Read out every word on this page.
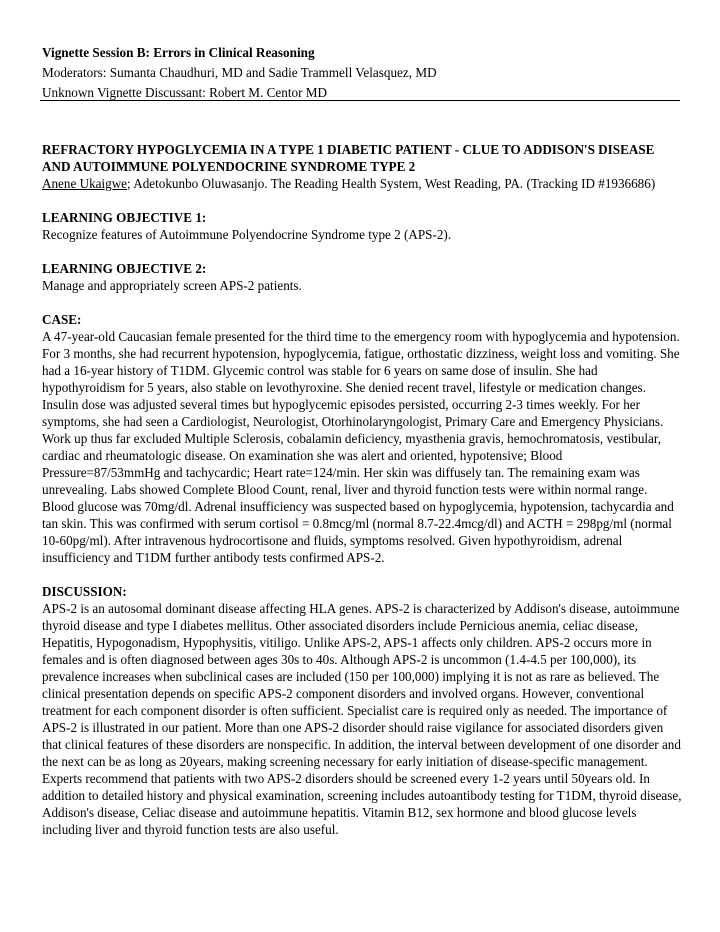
Vignette Session B: Errors in Clinical Reasoning
Moderators: Sumanta Chaudhuri, MD and Sadie Trammell Velasquez, MD
Unknown Vignette Discussant: Robert M. Centor MD

REFRACTORY HYPOGLYCEMIA IN A TYPE 1 DIABETIC PATIENT - CLUE TO ADDISON'S DISEASE AND AUTOIMMUNE POLYENDOCRINE SYNDROME TYPE 2

Anene Ukaigwe; Adetokunbo Oluwasanjo. The Reading Health System, West Reading, PA. (Tracking ID #1936686)

LEARNING OBJECTIVE 1:

Recognize features of Autoimmune Polyendocrine Syndrome type 2 (APS-2).

LEARNING OBJECTIVE 2:

Manage and appropriately screen APS-2 patients.

CASE:

A 47-year-old Caucasian female presented for the third time to the emergency room with hypoglycemia and hypotension. For 3 months, she had recurrent hypotension, hypoglycemia, fatigue, orthostatic dizziness, weight loss and vomiting. She had a 16-year history of T1DM. Glycemic control was stable for 6 years on same dose of insulin. She had hypothyroidism for 5 years, also stable on levothyroxine. She denied recent travel, lifestyle or medication changes. Insulin dose was adjusted several times but hypoglycemic episodes persisted, occurring 2-3 times weekly. For her symptoms, she had seen a Cardiologist, Neurologist, Otorhinolaryngologist, Primary Care and Emergency Physicians. Work up thus far excluded Multiple Sclerosis, cobalamin deficiency, myasthenia gravis, hemochromatosis, vestibular, cardiac and rheumatologic disease. On examination she was alert and oriented, hypotensive; Blood Pressure=87/53mmHg and tachycardic; Heart rate=124/min. Her skin was diffusely tan. The remaining exam was unrevealing. Labs showed Complete Blood Count, renal, liver and thyroid function tests were within normal range. Blood glucose was 70mg/dl. Adrenal insufficiency was suspected based on hypoglycemia, hypotension, tachycardia and tan skin. This was confirmed with serum cortisol = 0.8mcg/ml (normal 8.7-22.4mcg/dl) and ACTH = 298pg/ml (normal 10-60pg/ml). After intravenous hydrocortisone and fluids, symptoms resolved. Given hypothyroidism, adrenal insufficiency and T1DM further antibody tests confirmed APS-2.

DISCUSSION:

APS-2 is an autosomal dominant disease affecting HLA genes. APS-2 is characterized by Addison's disease, autoimmune thyroid disease and type I diabetes mellitus. Other associated disorders include Pernicious anemia, celiac disease, Hepatitis, Hypogonadism, Hypophysitis, vitiligo. Unlike APS-2, APS-1 affects only children. APS-2 occurs more in females and is often diagnosed between ages 30s to 40s. Although APS-2 is uncommon (1.4-4.5 per 100,000), its prevalence increases when subclinical cases are included (150 per 100,000) implying it is not as rare as believed. The clinical presentation depends on specific APS-2 component disorders and involved organs. However, conventional treatment for each component disorder is often sufficient. Specialist care is required only as needed. The importance of APS-2 is illustrated in our patient. More than one APS-2 disorder should raise vigilance for associated disorders given that clinical features of these disorders are nonspecific. In addition, the interval between development of one disorder and the next can be as long as 20years, making screening necessary for early initiation of disease-specific management. Experts recommend that patients with two APS-2 disorders should be screened every 1-2 years until 50years old. In addition to detailed history and physical examination, screening includes autoantibody testing for T1DM, thyroid disease, Addison's disease, Celiac disease and autoimmune hepatitis. Vitamin B12, sex hormone and blood glucose levels including liver and thyroid function tests are also useful.
